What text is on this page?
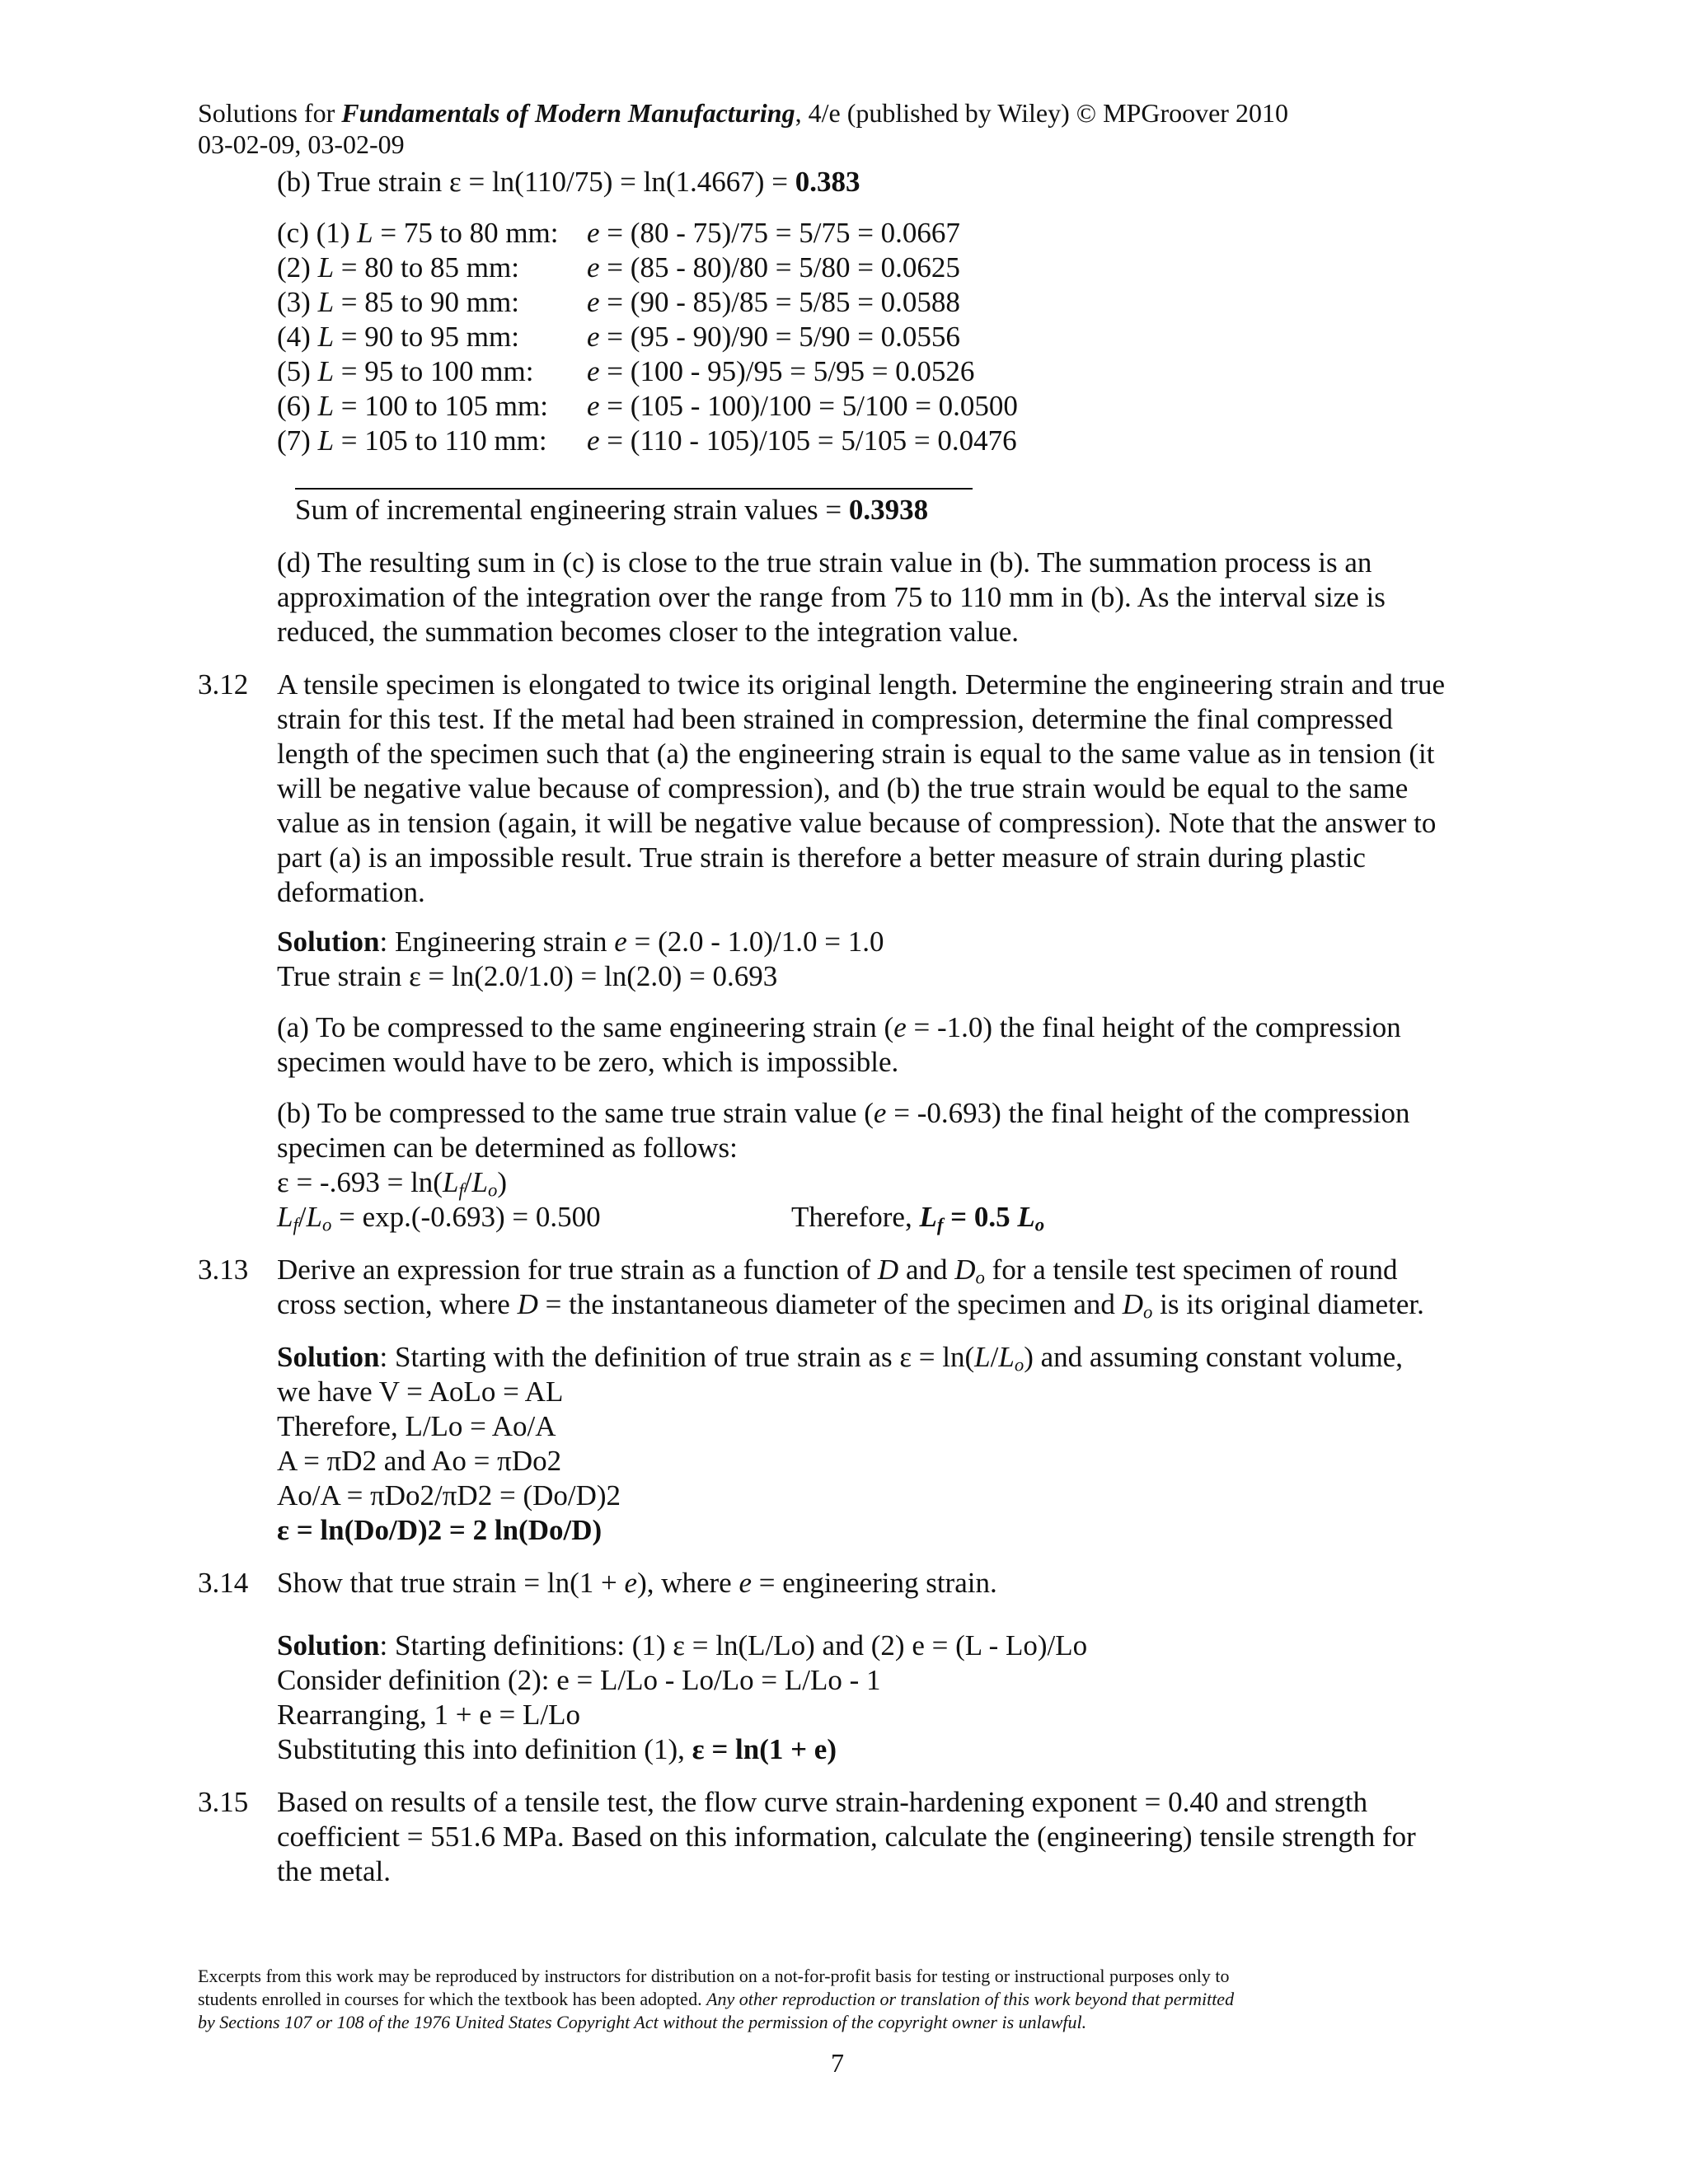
Solutions for Fundamentals of Modern Manufacturing, 4/e (published by Wiley) © MPGroover 2010
03-02-09, 03-02-09
(b) True strain ε = ln(110/75) = ln(1.4667) = 0.383
(c) (1) L = 75 to 80 mm: e = (80 - 75)/75 = 5/75 = 0.0667
(2) L = 80 to 85 mm: e = (85 - 80)/80 = 5/80 = 0.0625
(3) L = 85 to 90 mm: e = (90 - 85)/85 = 5/85 = 0.0588
(4) L = 90 to 95 mm: e = (95 - 90)/90 = 5/90 = 0.0556
(5) L = 95 to 100 mm: e = (100 - 95)/95 = 5/95 = 0.0526
(6) L = 100 to 105 mm: e = (105 - 100)/100 = 5/100 = 0.0500
(7) L = 105 to 110 mm: e = (110 - 105)/105 = 5/105 = 0.0476
Sum of incremental engineering strain values = 0.3938
(d) The resulting sum in (c) is close to the true strain value in (b). The summation process is an
approximation of the integration over the range from 75 to 110 mm in (b). As the interval size is
reduced, the summation becomes closer to the integration value.
3.12 A tensile specimen is elongated to twice its original length. Determine the engineering strain and true
strain for this test. If the metal had been strained in compression, determine the final compressed
length of the specimen such that (a) the engineering strain is equal to the same value as in tension (it
will be negative value because of compression), and (b) the true strain would be equal to the same
value as in tension (again, it will be negative value because of compression). Note that the answer to
part (a) is an impossible result. True strain is therefore a better measure of strain during plastic
deformation.
Solution: Engineering strain e = (2.0 - 1.0)/1.0 = 1.0
True strain ε = ln(2.0/1.0) = ln(2.0) = 0.693
(a) To be compressed to the same engineering strain (e = -1.0) the final height of the compression
specimen would have to be zero, which is impossible.
(b) To be compressed to the same true strain value (e = -0.693) the final height of the compression
specimen can be determined as follows:
$\varepsilon = -.693 = \ln(L_f/L_o)$
$L_f/L_o = \exp.(-0.693) = 0.500$	Therefore, $L_f = 0.5$ $L_o$
3.13 Derive an expression for true strain as a function of D and $D_o$ for a tensile test specimen of round
cross section, where D = the instantaneous diameter of the specimen and $D_o$ is its original diameter.
Solution: Starting with the definition of true strain as $\varepsilon = \ln(L/L_o)$ and assuming constant volume,
we have V = AoLo = AL
Therefore, L/Lo = Ao/A
A = πD2 and Ao = πDo2
Ao/A = πDo2/πD2 = (Do/D)2
ε = ln(Do/D)2 = 2 ln(Do/D)
3.14 Show that true strain = ln(1 + e), where e = engineering strain.
Solution: Starting definitions: (1) ε = ln(L/Lo) and (2) e = (L - Lo)/Lo
Consider definition (2): e = L/Lo - Lo/Lo = L/Lo - 1
Rearranging, 1 + e = L/Lo
Substituting this into definition (1), ε = ln(1 + e)
3.15 Based on results of a tensile test, the flow curve strain-hardening exponent = 0.40 and strength
coefficient = 551.6 MPa. Based on this information, calculate the (engineering) tensile strength for
the metal.
Excerpts from this work may be reproduced by instructors for distribution on a not-for-profit basis for testing or instructional purposes only to
students enrolled in courses for which the textbook has been adopted. Any other reproduction or translation of this work beyond that permitted
by Sections 107 or 108 of the 1976 United States Copyright Act without the permission of the copyright owner is unlawful.
7
